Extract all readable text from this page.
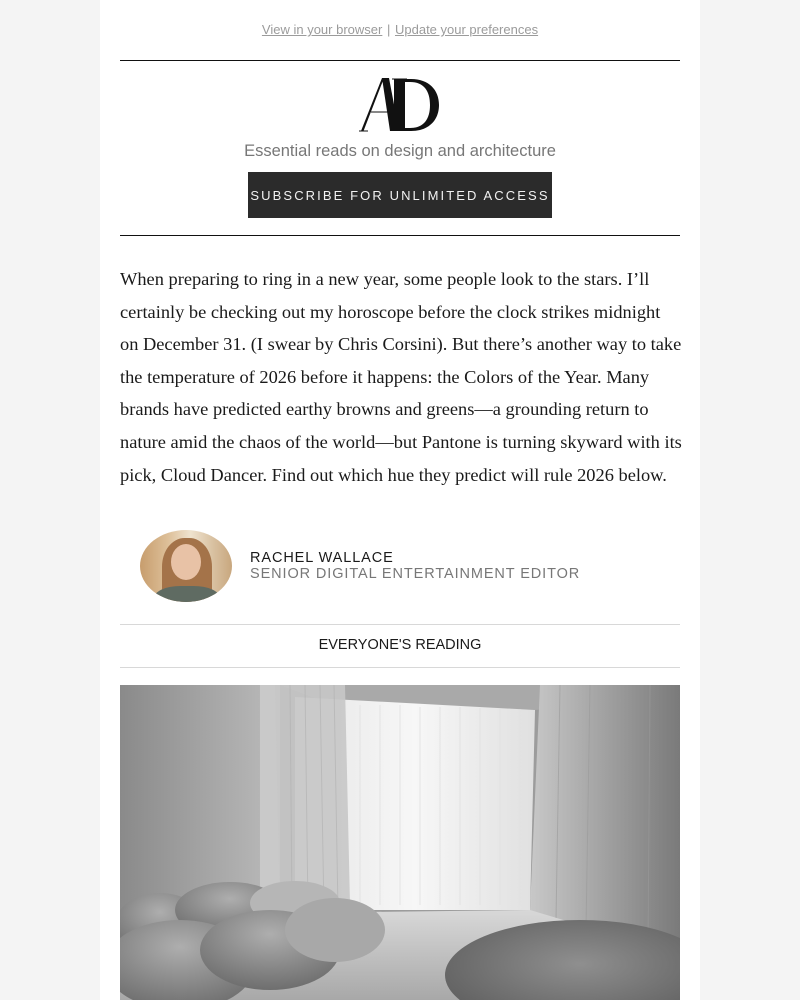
View in your browser | Update your preferences
Essential reads on design and architecture
SUBSCRIBE FOR UNLIMITED ACCESS

When preparing to ring in a new year, some people look to the stars. I’ll certainly be checking out my horoscope before the clock strikes midnight on December 31. (I swear by Chris Corsini). But there’s another way to take the temperature of 2026 before it happens: the Colors of the Year. Many brands have predicted earthy browns and greens—a grounding return to nature amid the chaos of the world—but Pantone is turning skyward with its pick, Cloud Dancer. Find out which hue they predict will rule 2026 below.

RACHEL WALLACE
SENIOR DIGITAL ENTERTAINMENT EDITOR
EVERYONE'S READING
